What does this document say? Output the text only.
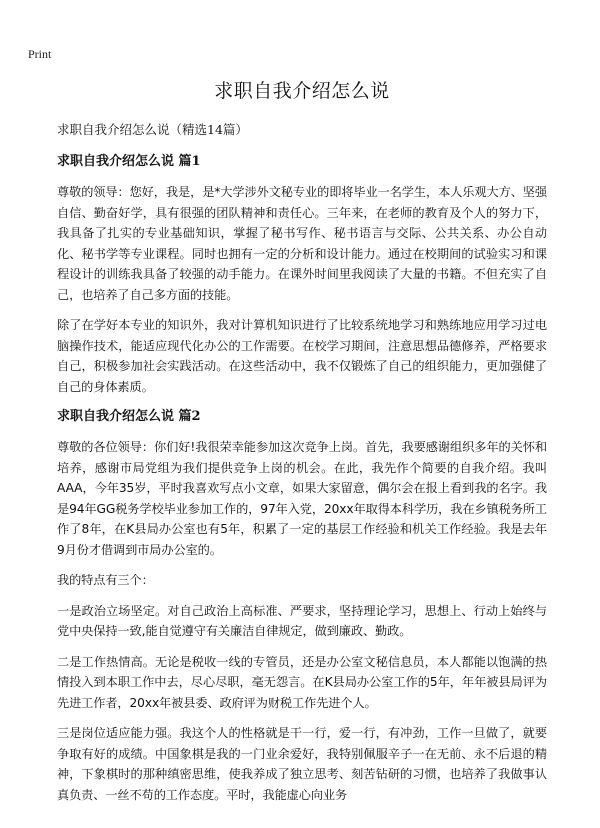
Print
求职自我介绍怎么说
求职自我介绍怎么说（精选14篇）
求职自我介绍怎么说 篇1

尊敬的领导：您好，我是，是*大学涉外文秘专业的即将毕业一名学生，本人乐观大方、坚强自信、勤奋好学，具有很强的团队精神和责任心。三年来，在老师的教育及个人的努力下，我具备了扎实的专业基础知识，掌握了秘书写作、秘书语言与交际、公共关系、办公自动化、秘书学等专业课程。同时也拥有一定的分析和设计能力。通过在校期间的试验实习和课程设计的训练我具备了较强的动手能力。在课外时间里我阅读了大量的书籍。不但充实了自己，也培养了自己多方面的技能。

除了在学好本专业的知识外，我对计算机知识进行了比较系统地学习和熟练地应用学习过电脑操作技术，能适应现代化办公的工作需要。在校学习期间，注意思想品德修养，严格要求自己，积极参加社会实践活动。在这些活动中，我不仅锻炼了自己的组织能力，更加强健了自己的身体素质。

求职自我介绍怎么说 篇2

尊敬的各位领导：你们好!我很荣幸能参加这次竞争上岗。首先，我要感谢组织多年的关怀和培养，感谢市局党组为我们提供竞争上岗的机会。在此，我先作个简要的自我介绍。我叫AAA，今年35岁，平时我喜欢写点小文章，如果大家留意，偶尔会在报上看到我的名字。我是94年GG税务学校毕业参加工作的，97年入党，20xx年取得本科学历，我在乡镇税务所工作了8年，在K县局办公室也有5年，积累了一定的基层工作经验和机关工作经验。我是去年9月份才借调到市局办公室的。

我的特点有三个：

一是政治立场坚定。对自己政治上高标准、严要求，坚持理论学习，思想上、行动上始终与党中央保持一致,能自觉遵守有关廉洁自律规定，做到廉政、勤政。

二是工作热情高。无论是税收一线的专管员，还是办公室文秘信息员，本人都能以饱满的热情投入到本职工作中去，尽心尽职，毫无怨言。在K县局办公室工作的5年，年年被县局评为先进工作者，20xx年被县委、政府评为财税工作先进个人。

三是岗位适应能力强。我这个人的性格就是干一行，爱一行，有冲劲，工作一旦做了，就要争取有好的成绩。中国象棋是我的一门业余爱好，我特别佩服辛子一在无前、永不后退的精神，下象棋时的那种缜密思维，使我养成了独立思考、刻苦钻研的习惯，也培养了我做事认真负责、一丝不苟的工作态度。平时，我能虚心向业务
